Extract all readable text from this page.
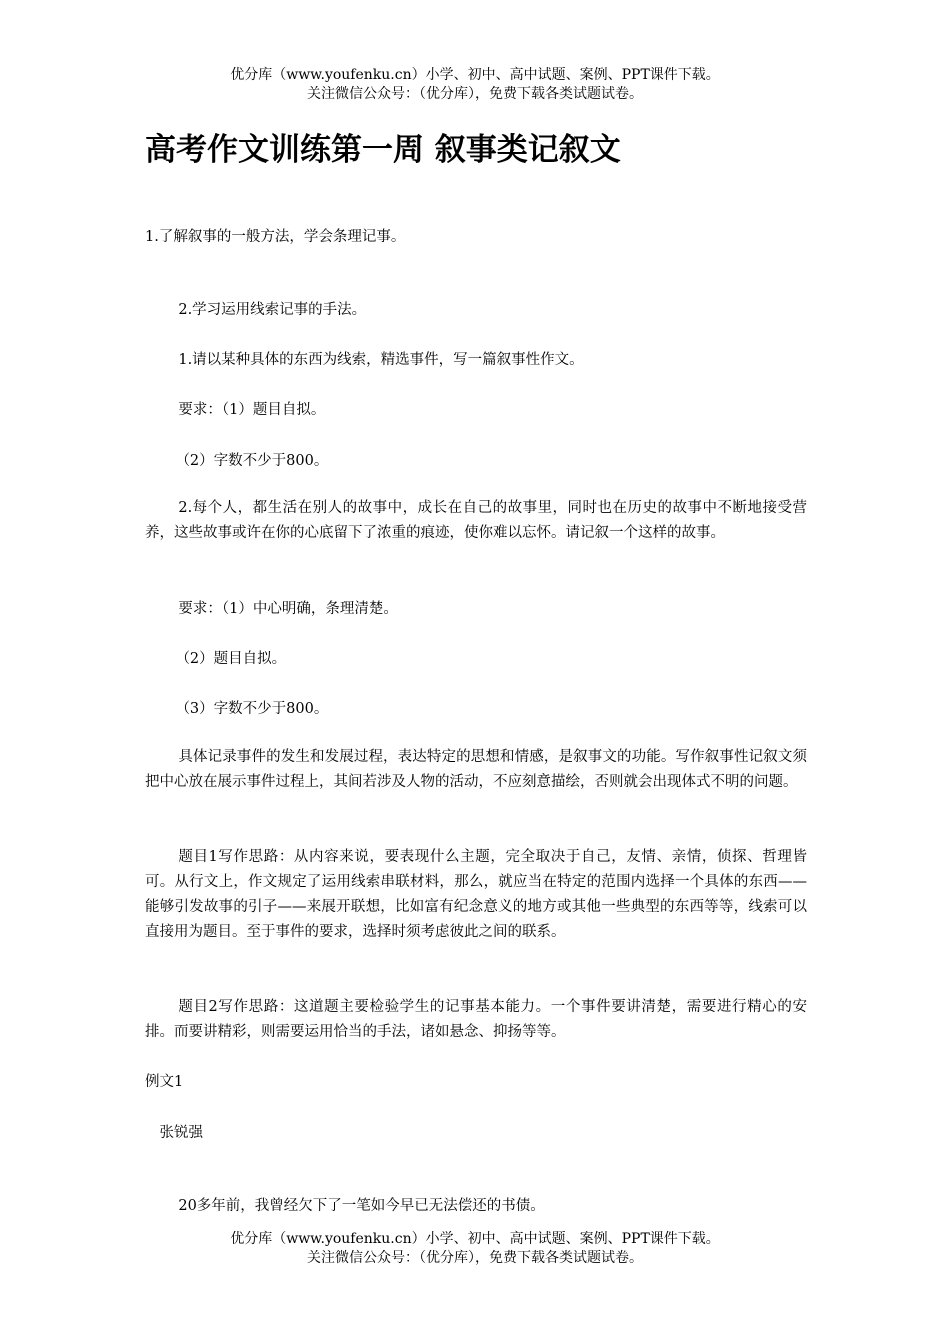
优分库（www.youfenku.cn）小学、初中、高中试题、案例、PPT课件下载。
关注微信公众号：（优分库），免费下载各类试题试卷。
高考作文训练第一周 叙事类记叙文

1.了解叙事的一般方法，学会条理记事。

2.学习运用线索记事的手法。

1.请以某种具体的东西为线索，精选事件，写一篇叙事性作文。

要求：（1）题目自拟。

（2）字数不少于800。

2.每个人，都生活在别人的故事中，成长在自己的故事里，同时也在历史的故事中不断地接受营养，这些故事或许在你的心底留下了浓重的痕迹，使你难以忘怀。请记叙一个这样的故事。

要求：（1）中心明确，条理清楚。

（2）题目自拟。

（3）字数不少于800。

具体记录事件的发生和发展过程，表达特定的思想和情感，是叙事文的功能。写作叙事性记叙文须把中心放在展示事件过程上，其间若涉及人物的活动，不应刻意描绘，否则就会出现体式不明的问题。

题目1写作思路：从内容来说，要表现什么主题，完全取决于自己，友情、亲情，侦探、哲理皆可。从行文上，作文规定了运用线索串联材料，那么，就应当在特定的范围内选择一个具体的东西——能够引发故事的引子——来展开联想，比如富有纪念意义的地方或其他一些典型的东西等等，线索可以直接用为题目。至于事件的要求，选择时须考虑彼此之间的联系。

题目2写作思路：这道题主要检验学生的记事基本能力。一个事件要讲清楚，需要进行精心的安排。而要讲精彩，则需要运用恰当的手法，诸如悬念、抑扬等等。

例文1

张锐强

20多年前，我曾经欠下了一笔如今早已无法偿还的书债。

优分库（www.youfenku.cn）小学、初中、高中试题、案例、PPT课件下载。
关注微信公众号：（优分库），免费下载各类试题试卷。
